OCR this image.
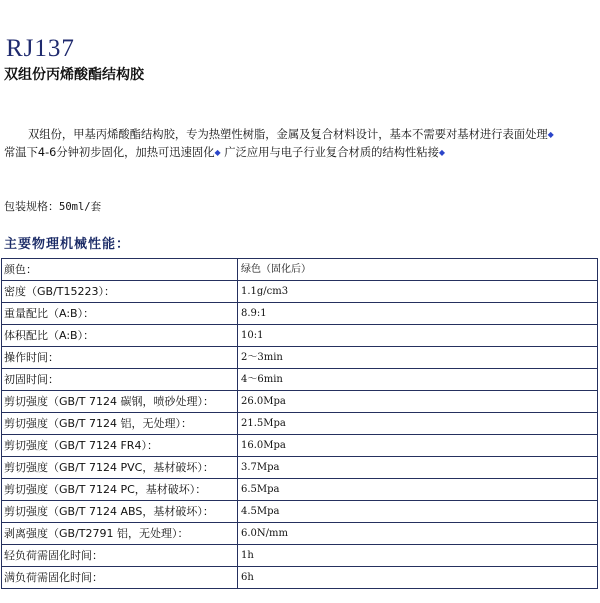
RJ137
双组份丙烯酸酯结构胶
双组份，甲基丙烯酸酯结构胶，专为热塑性树脂，金属及复合材料设计，基本不需要对基材进行表面处理◆
常温下4-6分钟初步固化，加热可迅速固化◆ 广泛应用与电子行业复合材质的结构性粘接◆
包装规格：50ml/套
主要物理机械性能：
颜色：	绿色（固化后）
密度（GB/T15223）：	1.1g/cm3
重量配比（A:B）：	8.9:1
体积配比（A:B）：	10:1
操作时间：	2～3min
初固时间：	4～6min
剪切强度（GB/T 7124 碳钢，喷砂处理）：	26.0Mpa
剪切强度（GB/T 7124 铝，无处理）：	21.5Mpa
剪切强度（GB/T 7124 FR4）：	16.0Mpa
剪切强度（GB/T 7124 PVC，基材破坏）：	3.7Mpa
剪切强度（GB/T 7124 PC，基材破坏）：	6.5Mpa
剪切强度（GB/T 7124 ABS，基材破坏）：	4.5Mpa
剥离强度（GB/T2791 铝，无处理）：	6.0N/mm
轻负荷需固化时间：	1h
满负荷需固化时间：	6h
